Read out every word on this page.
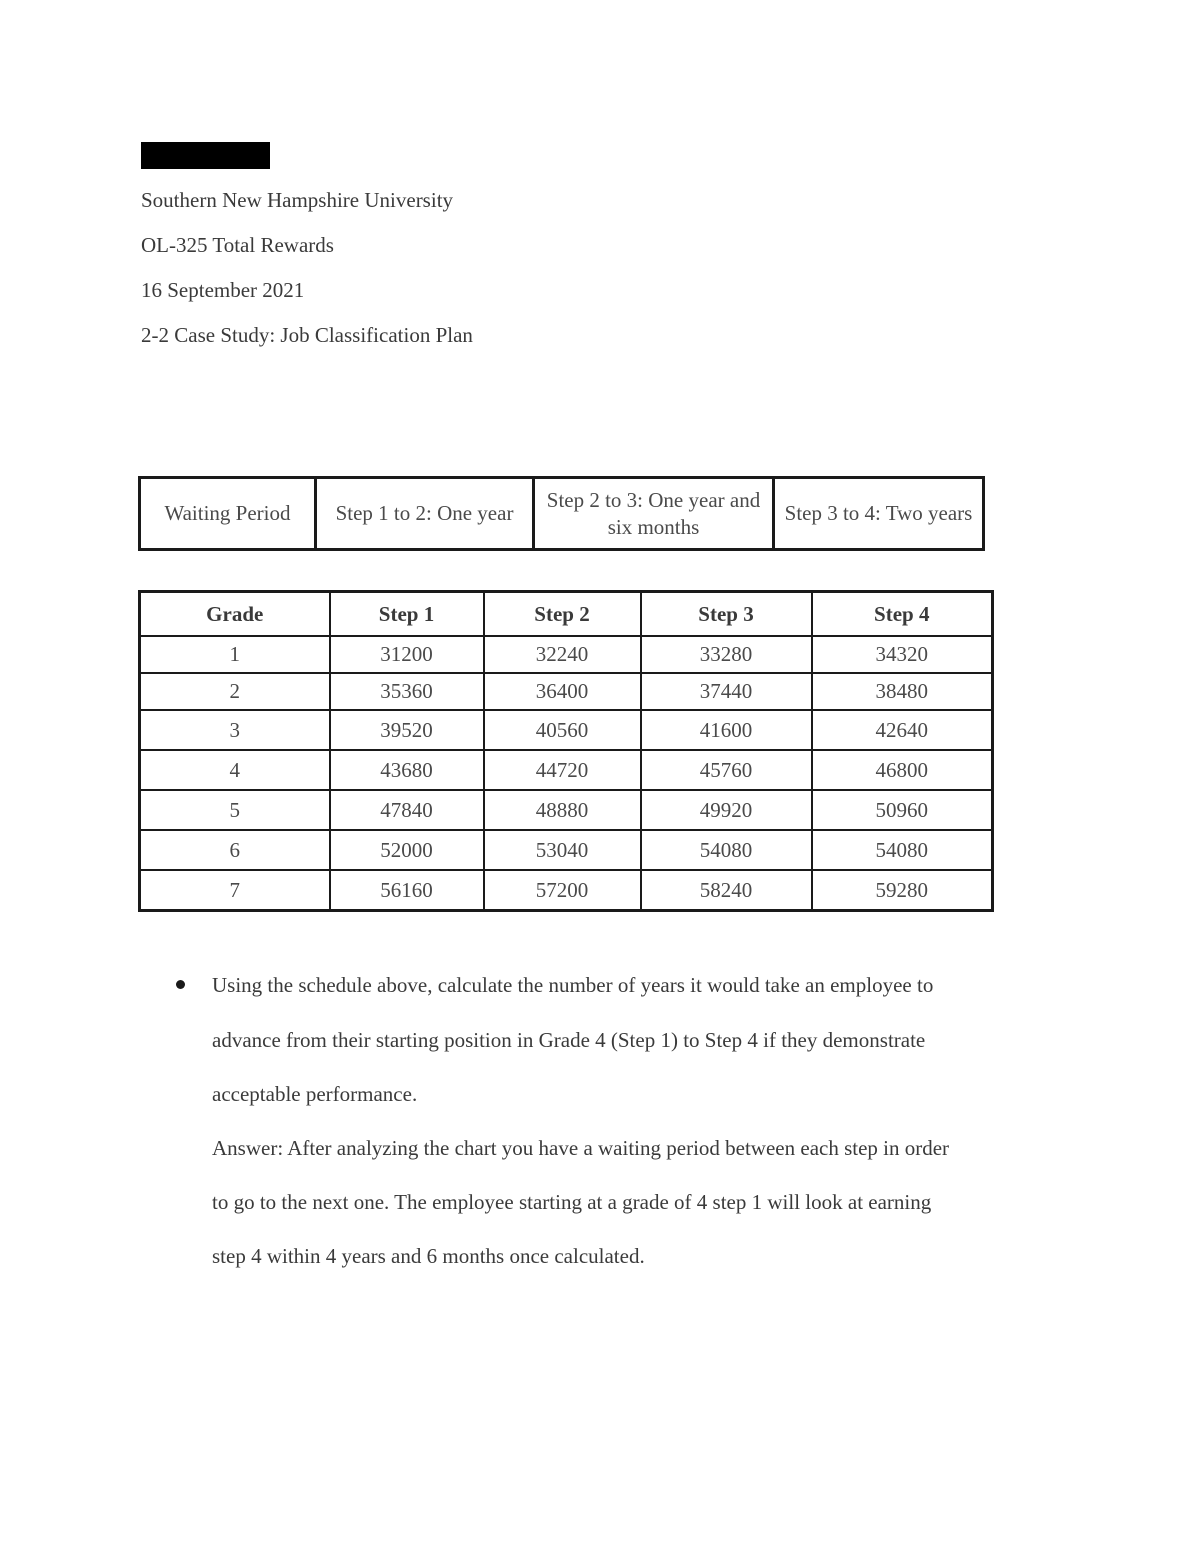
Southern New Hampshire University
OL-325 Total Rewards
16 September 2021
2-2 Case Study: Job Classification Plan
Waiting Period	Step 1 to 2: One year	Step 2 to 3: One year and six months	Step 3 to 4: Two years
Grade	Step 1	Step 2	Step 3	Step 4
1	31200	32240	33280	34320
2	35360	36400	37440	38480
3	39520	40560	41600	42640
4	43680	44720	45760	46800
5	47840	48880	49920	50960
6	52000	53040	54080	54080
7	56160	57200	58240	59280
Using the schedule above, calculate the number of years it would take an employee to
advance from their starting position in Grade 4 (Step 1) to Step 4 if they demonstrate
acceptable performance.
Answer: After analyzing the chart you have a waiting period between each step in order
to go to the next one. The employee starting at a grade of 4 step 1 will look at earning
step 4 within 4 years and 6 months once calculated.
